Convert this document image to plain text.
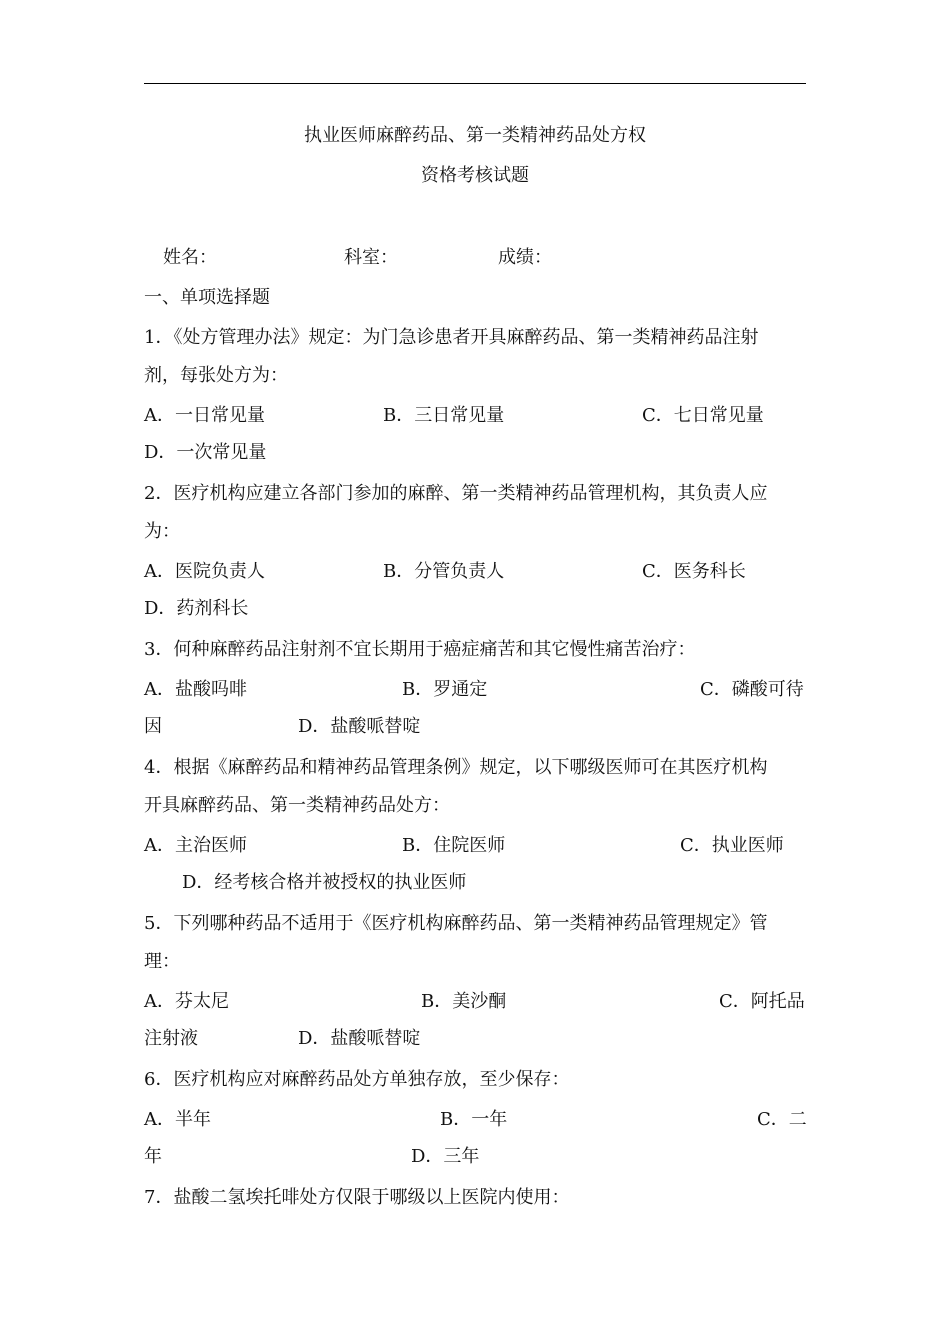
执业医师麻醉药品、第一类精神药品处方权
资格考核试题
姓名：	科室：	成绩：
一、单项选择题
1．《处方管理办法》规定：为门急诊患者开具麻醉药品、第一类精神药品注射
剂，每张处方为：
A．一日常见量	B．三日常见量	C．七日常见量
D．一次常见量
2．医疗机构应建立各部门参加的麻醉、第一类精神药品管理机构，其负责人应
为：
A．医院负责人	B．分管负责人	C．医务科长
D．药剂科长
3．何种麻醉药品注射剂不宜长期用于癌症痛苦和其它慢性痛苦治疗：
A．盐酸吗啡	B．罗通定	C．磷酸可待
因	D．盐酸哌替啶
4．根据《麻醉药品和精神药品管理条例》规定，以下哪级医师可在其医疗机构
开具麻醉药品、第一类精神药品处方：
A．主治医师	B．住院医师	C．执业医师
D．经考核合格并被授权的执业医师
5．下列哪种药品不适用于《医疗机构麻醉药品、第一类精神药品管理规定》管
理：
A．芬太尼	B．美沙酮	C．阿托品
注射液	D．盐酸哌替啶
6．医疗机构应对麻醉药品处方单独存放，至少保存：
A．半年	B．一年	C．二
年	D．三年
7．盐酸二氢埃托啡处方仅限于哪级以上医院内使用：
